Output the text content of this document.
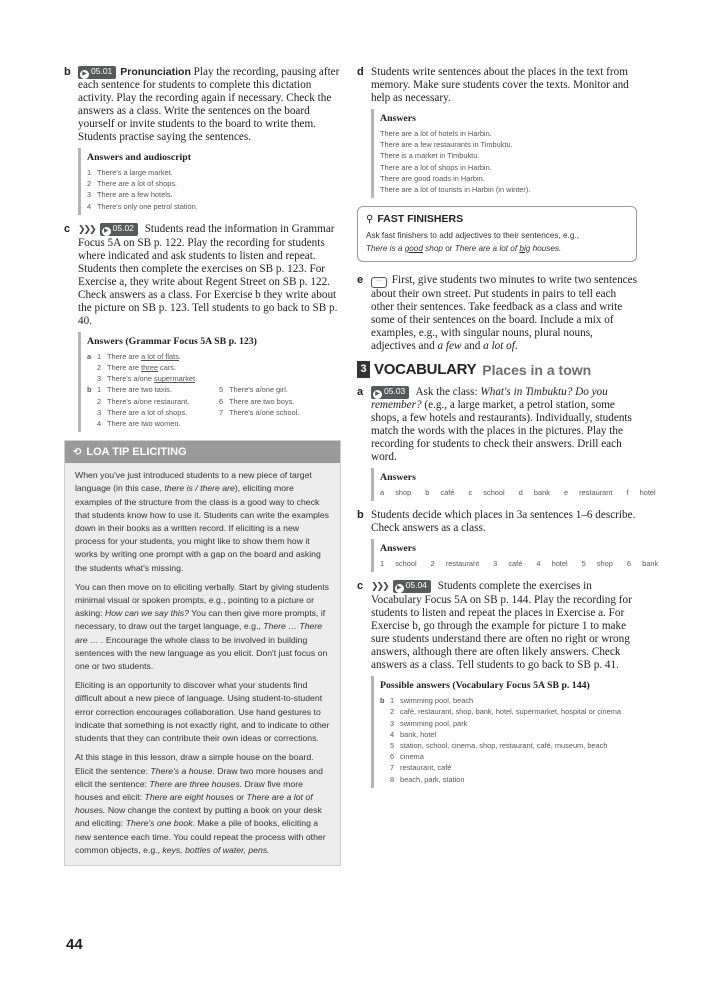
b ▶ 05.01 Pronunciation Play the recording, pausing after each sentence for students to complete this dictation activity. Play the recording again if necessary. Check the answers as a class. Write the sentences on the board yourself or invite students to the board to write them. Students practise saying the sentences.
Answers and audioscript
1 There's a large market.
2 There are a lot of shops.
3 There are a few hotels.
4 There's only one petrol station.
c ❯❯❯ ▶ 05.02 Students read the information in Grammar Focus 5A on SB p. 122. Play the recording for students where indicated and ask students to listen and repeat. Students then complete the exercises on SB p. 123. For Exercise a, they write about Regent Street on SB p. 122. Check answers as a class. For Exercise b they write about the picture on SB p. 123. Tell students to go back to SB p. 40.
Answers (Grammar Focus 5A SB p. 123)
a 1 There are a lot of flats.
2 There are three cars.
3 There's a/one supermarket.
b 1 There are two taxis.
2 There's a/one restaurant.
3 There are a lot of shops.
4 There are two women.
5 There's a/one girl.
6 There are two boys.
7 There's a/one school.
⟲ LOA TIP ELICITING

When you've just introduced students to a new piece of target language (in this case, there is / there are), eliciting more examples of the structure from the class is a good way to check that students know how to use it. Students can write the examples down in their books as a written record. If eliciting is a new process for your students, you might like to show them how it works by writing one prompt with a gap on the board and asking the students what's missing.

You can then move on to eliciting verbally. Start by giving students minimal visual or spoken prompts, e.g., pointing to a picture or asking: How can we say this? You can then give more prompts, if necessary, to draw out the target language, e.g., There … There are … . Encourage the whole class to be involved in building sentences with the new language as you elicit. Don't just focus on one or two students.

Eliciting is an opportunity to discover what your students find difficult about a new piece of language. Using student-to-student error correction encourages collaboration. Use hand gestures to indicate that something is not exactly right, and to indicate to other students that they can contribute their own ideas or corrections.

At this stage in this lesson, draw a simple house on the board. Elicit the sentence: There's a house. Draw two more houses and elicit the sentence: There are three houses. Draw five more houses and elicit: There are eight houses or There are a lot of houses. Now change the context by putting a book on your desk and eliciting: There's one book. Make a pile of books, eliciting a new sentence each time. You could repeat the process with other common objects, e.g., keys, bottles of water, pens.

d Students write sentences about the places in the text from memory. Make sure students cover the texts. Monitor and help as necessary.
Answers
There are a lot of hotels in Harbin.
There are a few restaurants in Timbuktu.
There is a market in Timbuktu.
There are a lot of shops in Harbin.
There are good roads in Harbin.
There are a lot of tourists in Harbin (in winter).
⚲ FAST FINISHERS
Ask fast finishers to add adjectives to their sentences, e.g.,
There is a good shop or There are a lot of big houses.
e ··· First, give students two minutes to write two sentences about their own street. Put students in pairs to tell each other their sentences. Take feedback as a class and write some of their sentences on the board. Include a mix of examples, e.g., with singular nouns, plural nouns, adjectives and a few and a lot of.
3 VOCABULARY Places in a town
a ▶ 05.03 Ask the class: What's in Timbuktu? Do you remember? (e.g., a large market, a petrol station, some shops, a few hotels and restaurants). Individually, students match the words with the places in the pictures. Play the recording for students to check their answers. Drill each word.
Answers
a shop b café c school d bank e restaurant f hotel
b Students decide which places in 3a sentences 1–6 describe. Check answers as a class.
Answers
1 school 2 restaurant 3 café 4 hotel 5 shop 6 bank
c ❯❯❯ ▶ 05.04 Students complete the exercises in Vocabulary Focus 5A on SB p. 144. Play the recording for students to listen and repeat the places in Exercise a. For Exercise b, go through the example for picture 1 to make sure students understand there are often no right or wrong answers, although there are often likely answers. Check answers as a class. Tell students to go back to SB p. 41.
Possible answers (Vocabulary Focus 5A SB p. 144)
b 1 swimming pool, beach
2 café, restaurant, shop, bank, hotel, supermarket, hospital or cinema
3 swimming pool, park
4 bank, hotel
5 station, school, cinema, shop, restaurant, café, museum, beach
6 cinema
7 restaurant, café
8 beach, park, station
44
